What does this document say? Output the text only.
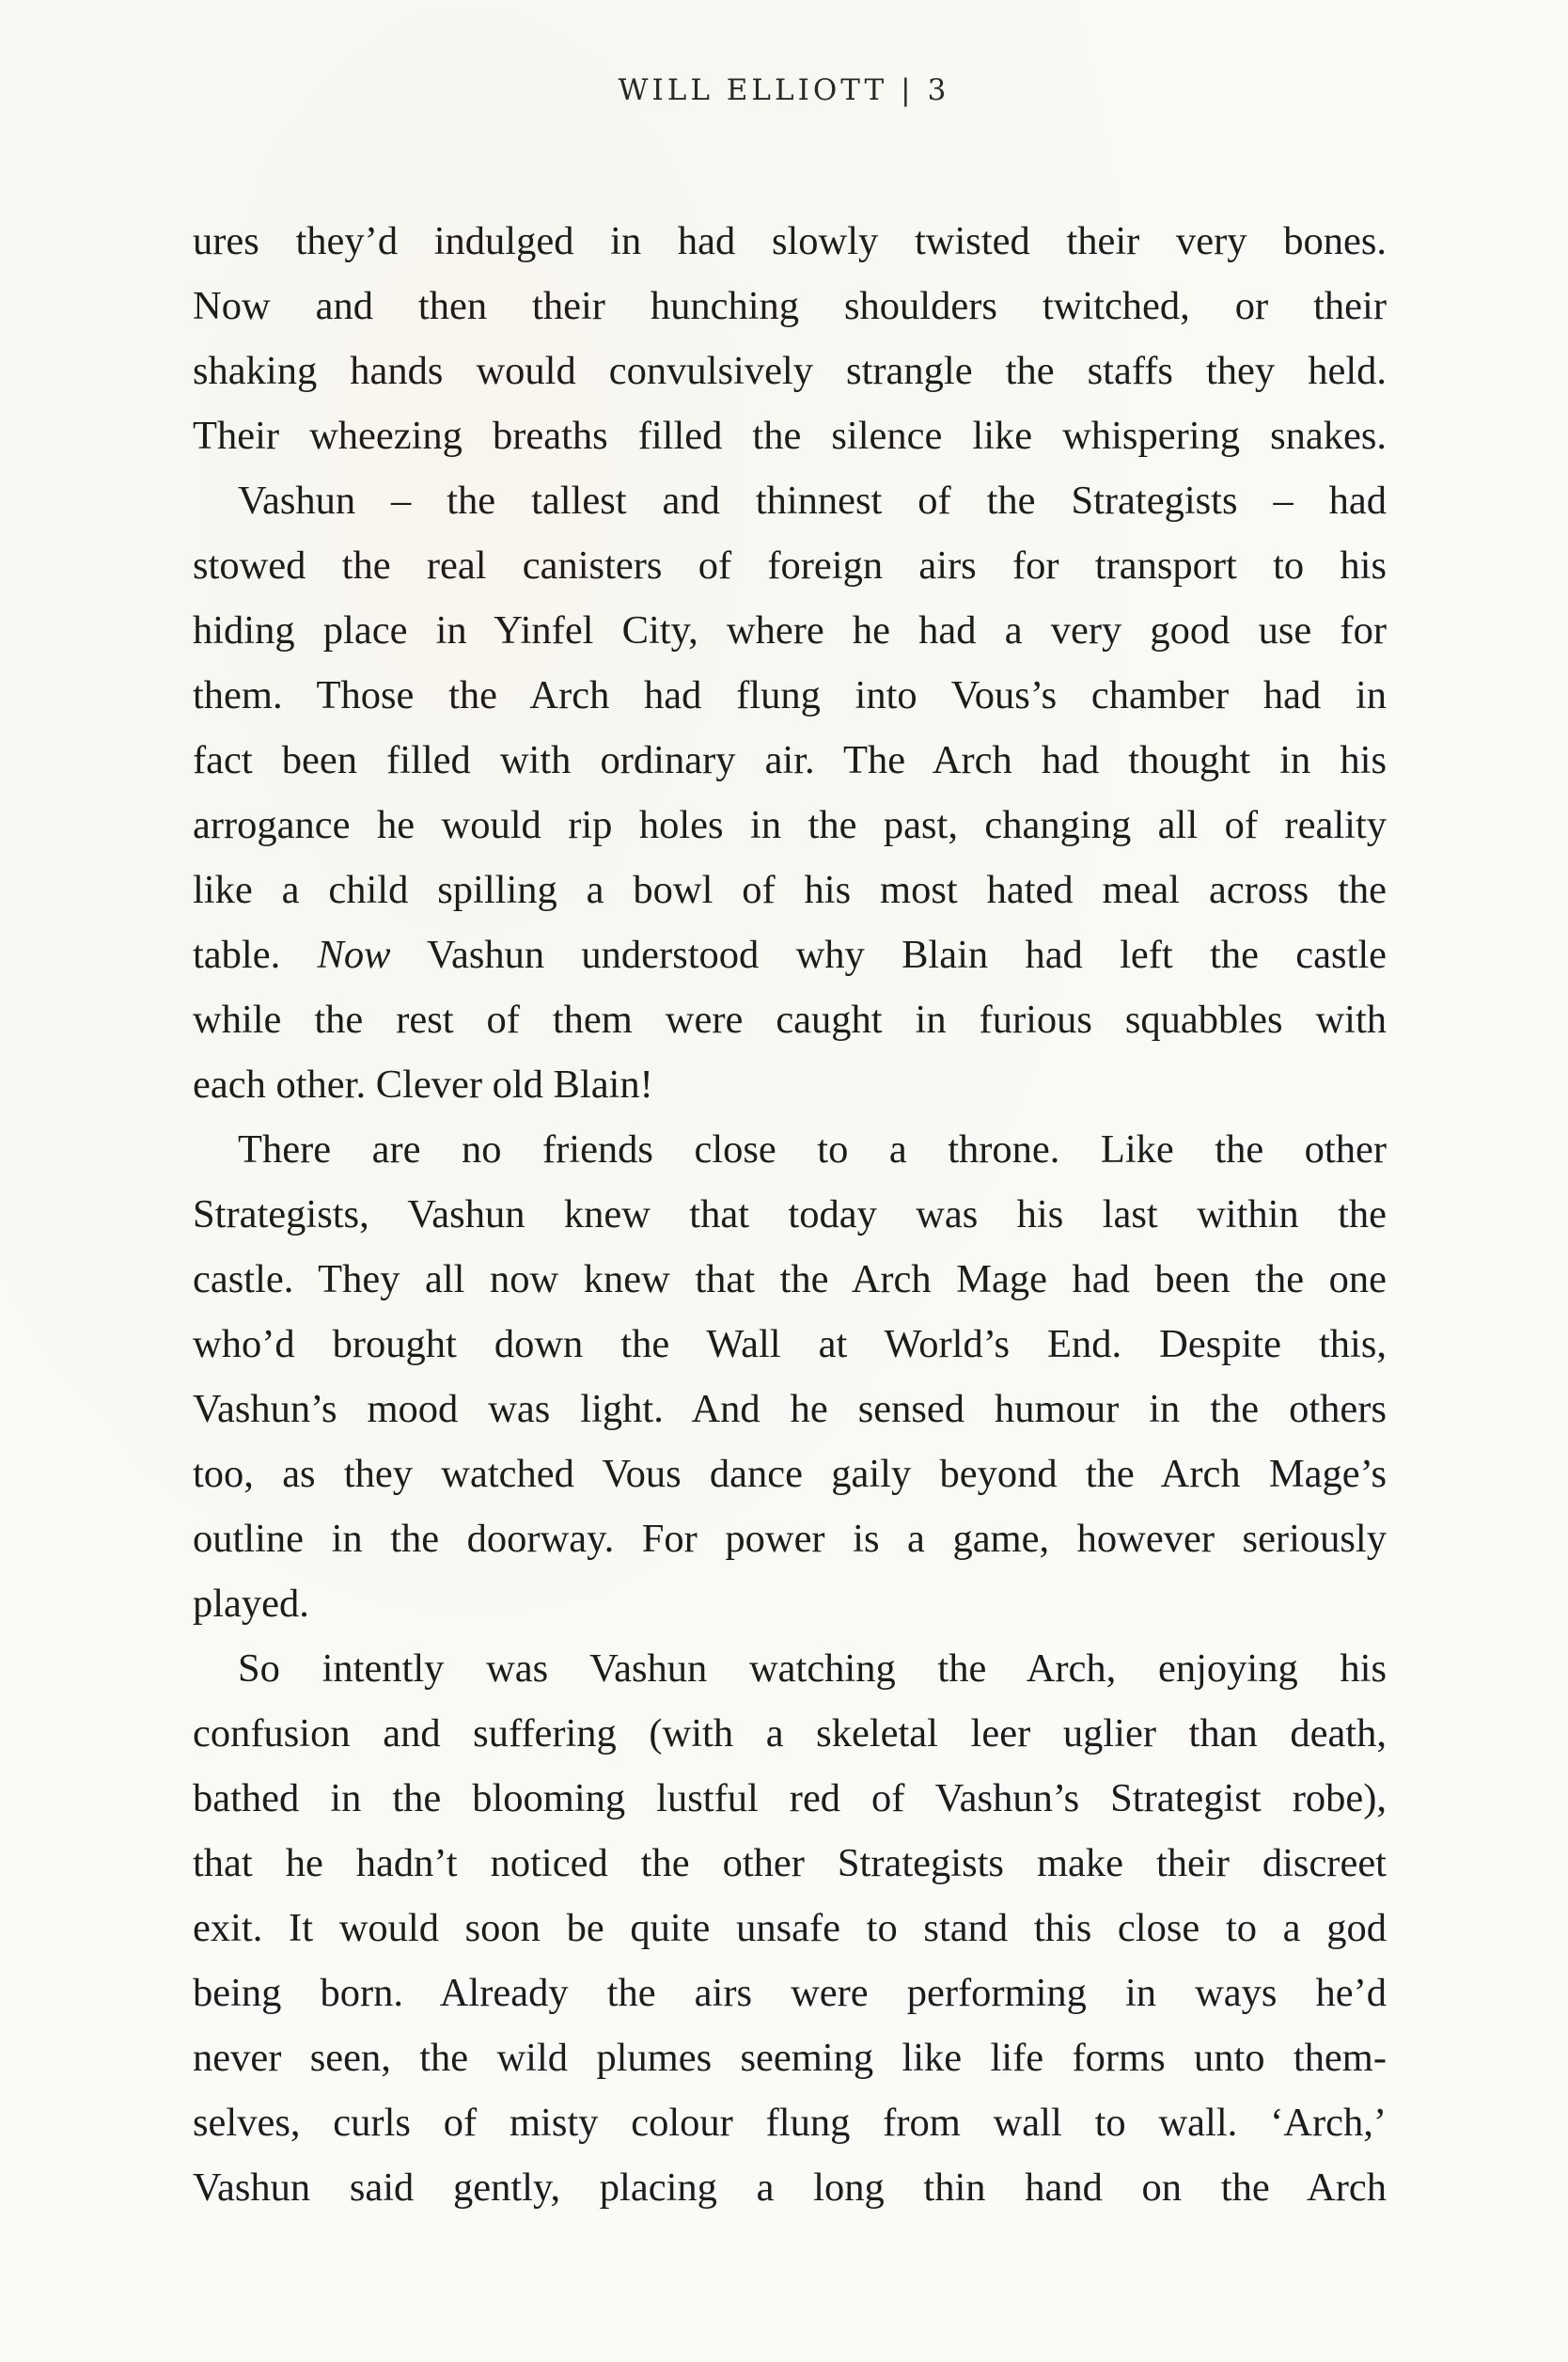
WILL ELLIOTT | 3
ures they’d indulged in had slowly twisted their very bones.
Now and then their hunching shoulders twitched, or their
shaking hands would convulsively strangle the staffs they held.
Their wheezing breaths filled the silence like whispering snakes.
Vashun – the tallest and thinnest of the Strategists – had
stowed the real canisters of foreign airs for transport to his
hiding place in Yinfel City, where he had a very good use for
them. Those the Arch had flung into Vous’s chamber had in
fact been filled with ordinary air. The Arch had thought in his
arrogance he would rip holes in the past, changing all of reality
like a child spilling a bowl of his most hated meal across the
table. Now Vashun understood why Blain had left the castle
while the rest of them were caught in furious squabbles with
each other. Clever old Blain!
There are no friends close to a throne. Like the other
Strategists, Vashun knew that today was his last within the
castle. They all now knew that the Arch Mage had been the one
who’d brought down the Wall at World’s End. Despite this,
Vashun’s mood was light. And he sensed humour in the others
too, as they watched Vous dance gaily beyond the Arch Mage’s
outline in the doorway. For power is a game, however seriously
played.
So intently was Vashun watching the Arch, enjoying his
confusion and suffering (with a skeletal leer uglier than death,
bathed in the blooming lustful red of Vashun’s Strategist robe),
that he hadn’t noticed the other Strategists make their discreet
exit. It would soon be quite unsafe to stand this close to a god
being born. Already the airs were performing in ways he’d
never seen, the wild plumes seeming like life forms unto them-
selves, curls of misty colour flung from wall to wall. ‘Arch,’
Vashun said gently, placing a long thin hand on the Arch
